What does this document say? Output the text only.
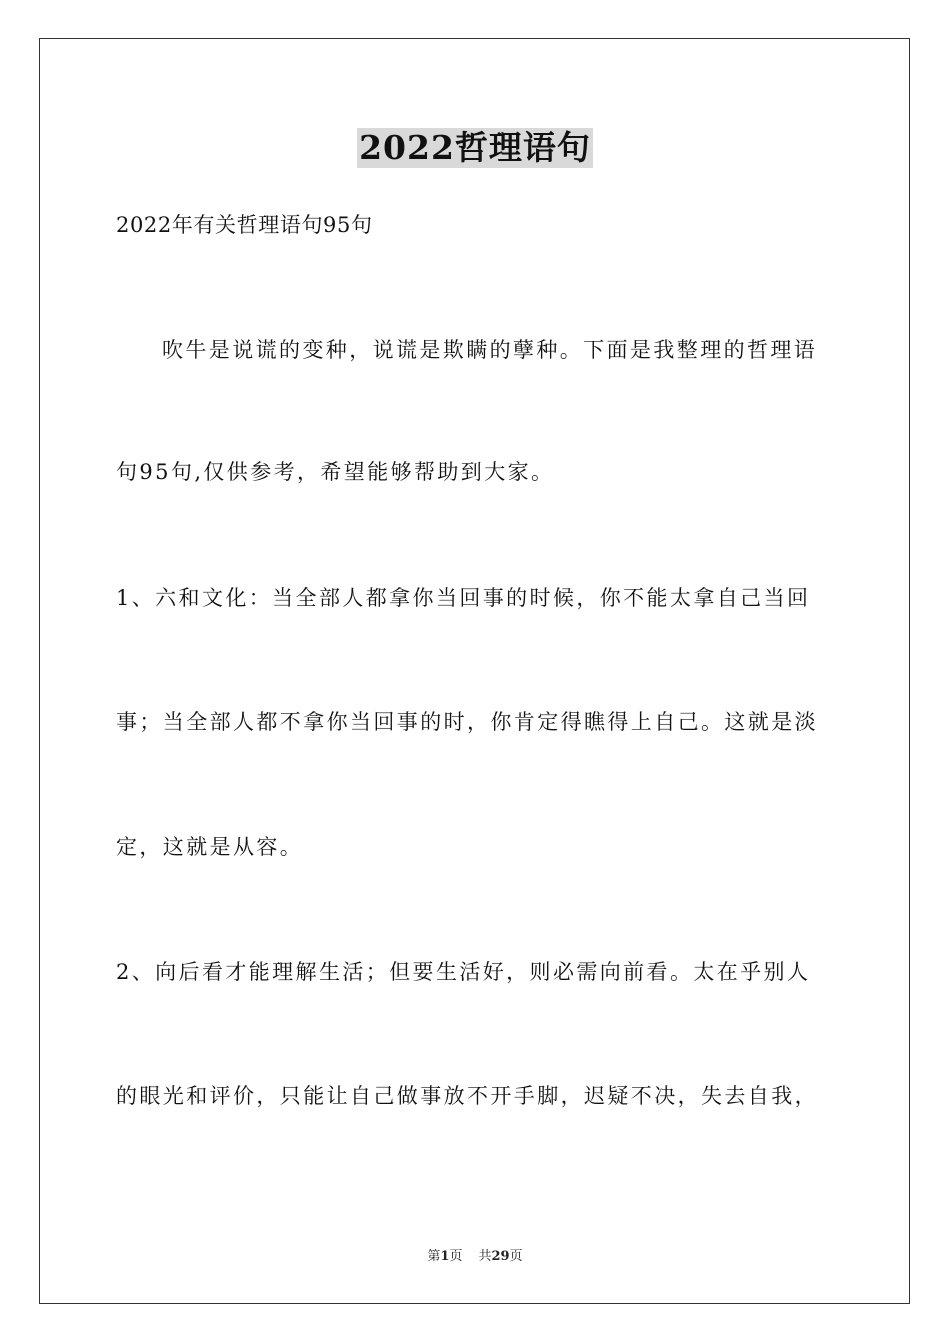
2022哲理语句

2022年有关哲理语句95句

吹牛是说谎的变种，说谎是欺瞒的孽种。下面是我整理的哲理语

句95句,仅供参考，希望能够帮助到大家。

1、六和文化：当全部人都拿你当回事的时候，你不能太拿自己当回

事；当全部人都不拿你当回事的时，你肯定得瞧得上自己。这就是淡

定，这就是从容。

2、向后看才能理解生活；但要生活好，则必需向前看。太在乎别人

的眼光和评价，只能让自己做事放不开手脚，迟疑不决，失去自我，

第1页 共29页
